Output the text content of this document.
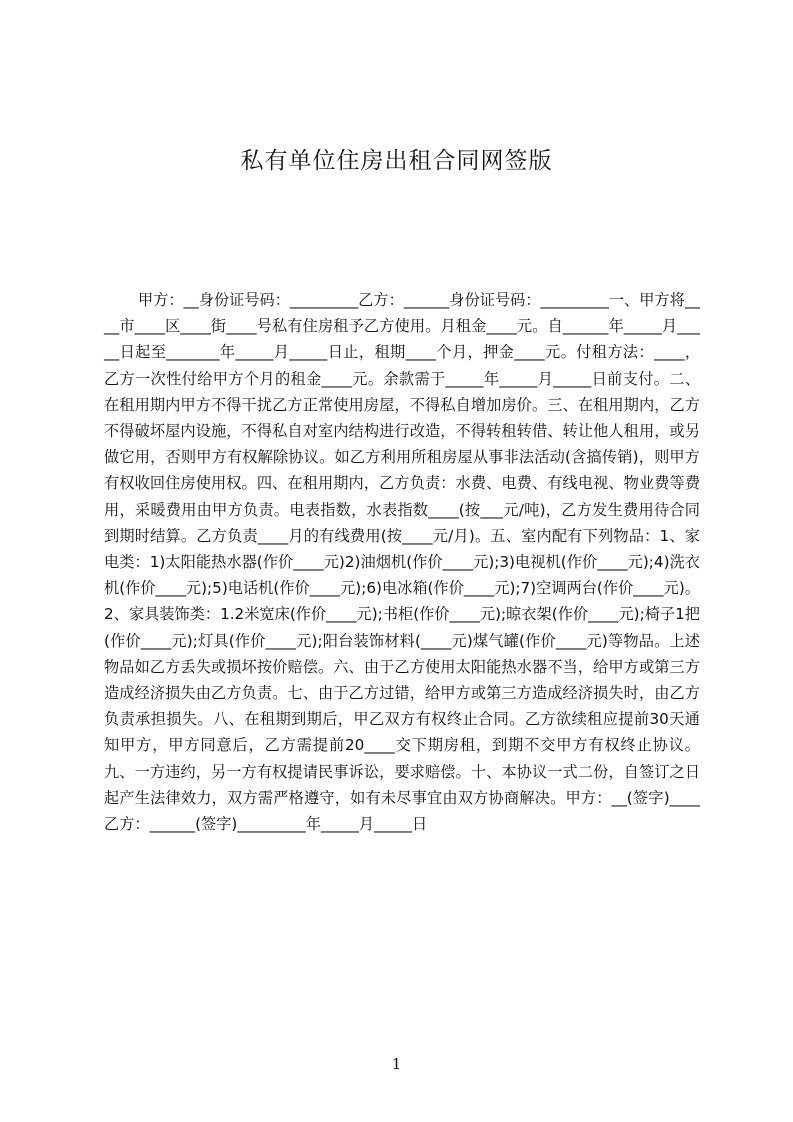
私有单位住房出租合同网签版

甲方：__身份证号码：_________乙方：______身份证号码：_________一、甲方将____市____区____街____号私有住房租予乙方使用。月租金____元。自______年_____月_____日起至_______年_____月_____日止，租期____个月，押金____元。付租方法：____，乙方一次性付给甲方个月的租金____元。余款需于_____年_____月_____日前支付。二、在租用期内甲方不得干扰乙方正常使用房屋，不得私自增加房价。三、在租用期内，乙方不得破坏屋内设施，不得私自对室内结构进行改造，不得转租转借、转让他人租用，或另做它用，否则甲方有权解除协议。如乙方利用所租房屋从事非法活动(含搞传销)，则甲方有权收回住房使用权。四、在租用期内，乙方负责：水费、电费、有线电视、物业费等费用，采暖费用由甲方负责。电表指数，水表指数____(按___元/吨)，乙方发生费用待合同到期时结算。乙方负责____月的有线费用(按____元/月)。五、室内配有下列物品：1、家电类：1)太阳能热水器(作价____元)2)油烟机(作价____元);3)电视机(作价____元);4)洗衣机(作价____元);5)电话机(作价____元);6)电冰箱(作价____元);7)空调两台(作价____元)。2、家具装饰类：1.2米宽床(作价____元);书柜(作价____元);晾衣架(作价____元);椅子1把(作价____元);灯具(作价____元);阳台装饰材料(____元)煤气罐(作价____元)等物品。上述物品如乙方丢失或损坏按价赔偿。六、由于乙方使用太阳能热水器不当，给甲方或第三方造成经济损失由乙方负责。七、由于乙方过错，给甲方或第三方造成经济损失时，由乙方负责承担损失。八、在租期到期后，甲乙双方有权终止合同。乙方欲续租应提前30天通知甲方，甲方同意后，乙方需提前20____交下期房租，到期不交甲方有权终止协议。九、一方违约，另一方有权提请民事诉讼，要求赔偿。十、本协议一式二份，自签订之日起产生法律效力，双方需严格遵守，如有未尽事宜由双方协商解决。甲方：__(签字)____乙方：______(签字)_________年_____月_____日

1
